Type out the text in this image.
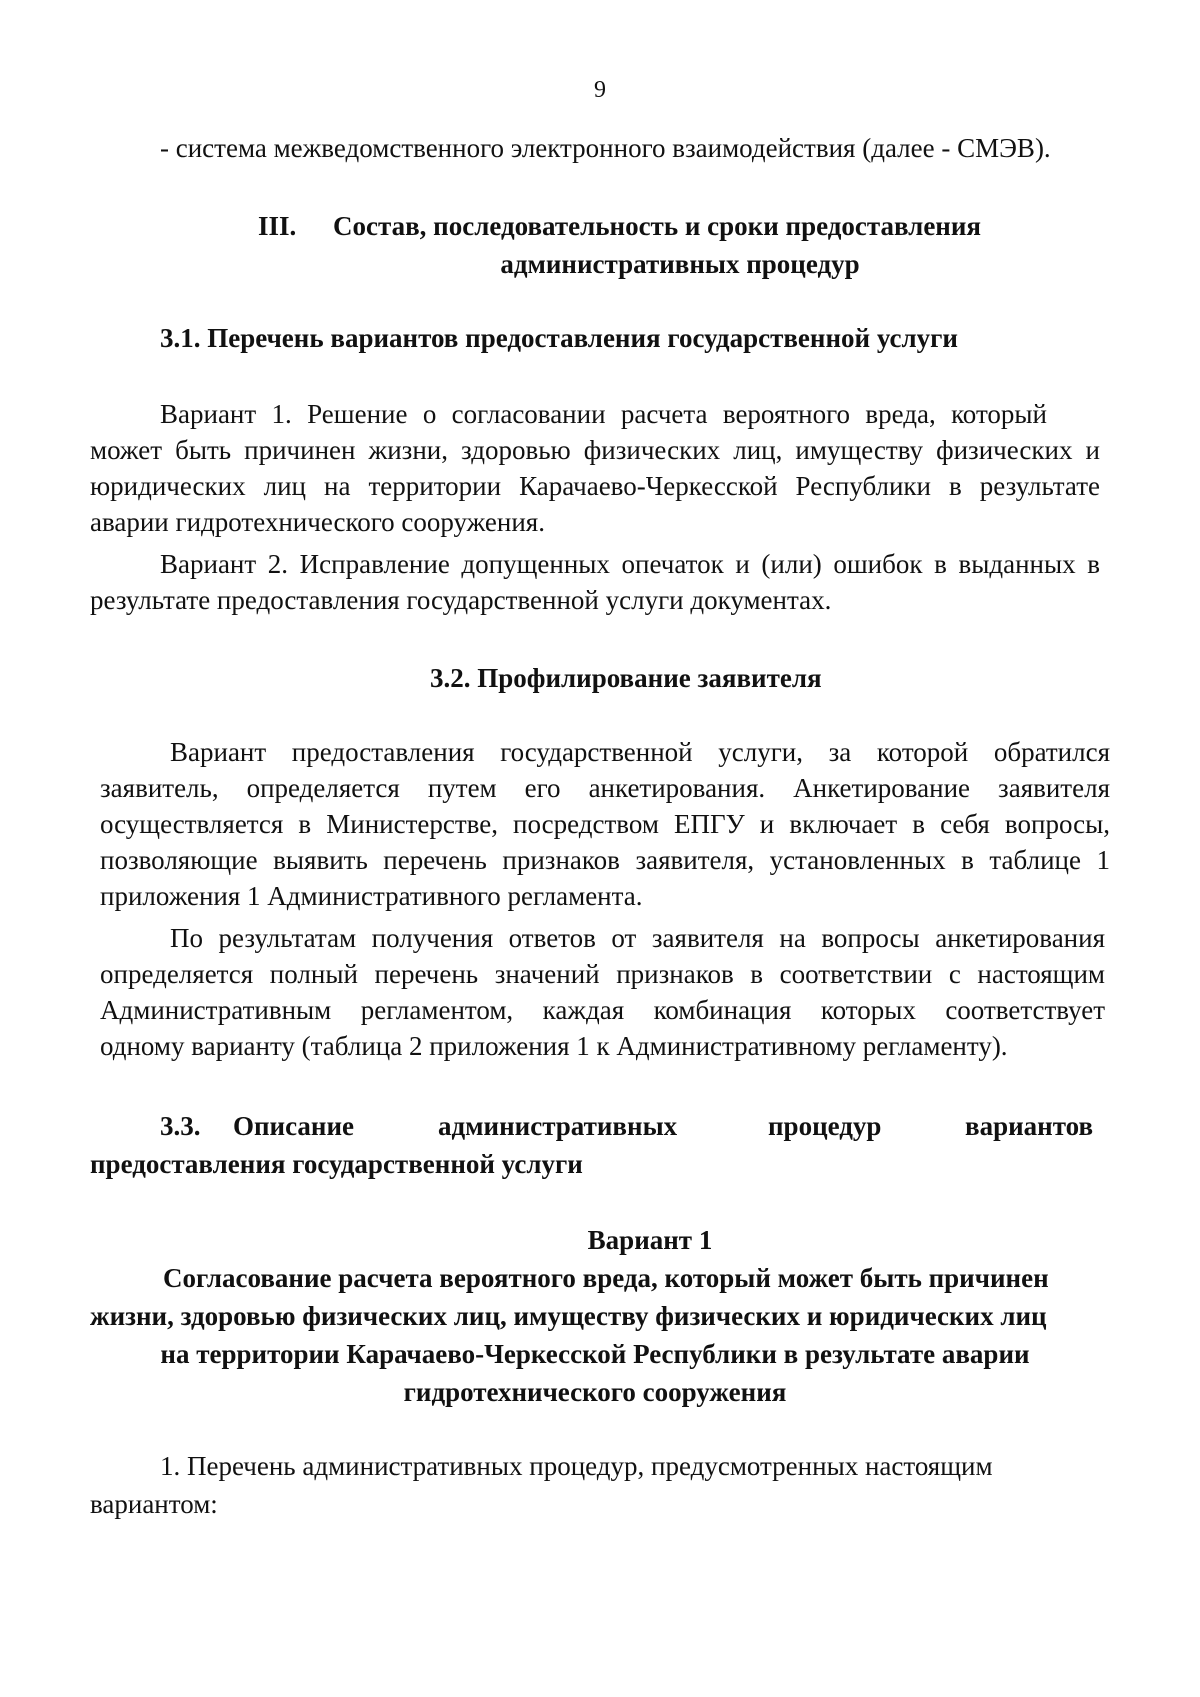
9
- система межведомственного электронного взаимодействия (далее - СМЭВ).
III. Состав, последовательность и сроки предоставления
административных процедур
3.1. Перечень вариантов предоставления государственной услуги
Вариант 1. Решение о согласовании расчета вероятного вреда, который
может быть причинен жизни, здоровью физических лиц, имуществу физических и
юридических лиц на территории Карачаево-Черкесской Республики в результате
аварии гидротехнического сооружения.
Вариант 2. Исправление допущенных опечаток и (или) ошибок в выданных в
результате предоставления государственной услуги документах.
3.2. Профилирование заявителя
Вариант предоставления государственной услуги, за которой обратился
заявитель, определяется путем его анкетирования. Анкетирование заявителя
осуществляется в Министерстве, посредством ЕПГУ и включает в себя вопросы,
позволяющие выявить перечень признаков заявителя, установленных в таблице 1
приложения 1 Административного регламента.
По результатам получения ответов от заявителя на вопросы анкетирования
определяется полный перечень значений признаков в соответствии с настоящим
Административным регламентом, каждая комбинация которых соответствует
одному варианту (таблица 2 приложения 1 к Административному регламенту).
3.3. Описание	административных	процедур	вариантов
предоставления государственной услуги
Вариант 1
Согласование расчета вероятного вреда, который может быть причинен
жизни, здоровью физических лиц, имуществу физических и юридических лиц
на территории Карачаево-Черкесской Республики в результате аварии
гидротехнического сооружения
1. Перечень административных процедур, предусмотренных настоящим
вариантом:
